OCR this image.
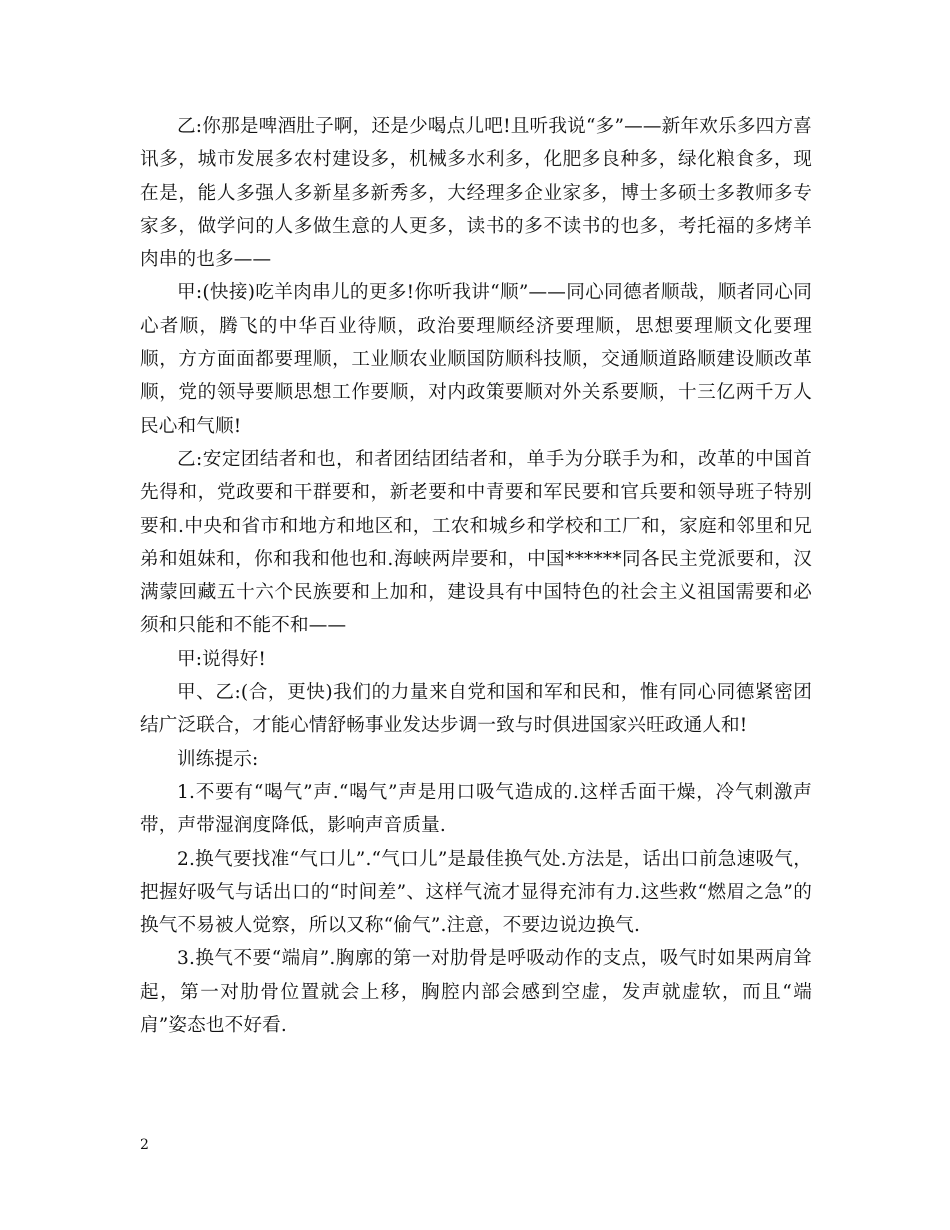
乙:你那是啤酒肚子啊，还是少喝点儿吧!且听我说“多”——新年欢乐多四方喜讯多，城市发展多农村建设多，机械多水利多，化肥多良种多，绿化粮食多，现在是，能人多强人多新星多新秀多，大经理多企业家多，博士多硕士多教师多专家多，做学问的人多做生意的人更多，读书的多不读书的也多，考托福的多烤羊肉串的也多——

甲:(快接)吃羊肉串儿的更多!你听我讲“顺”——同心同德者顺哉，顺者同心同心者顺，腾飞的中华百业待顺，政治要理顺经济要理顺，思想要理顺文化要理顺，方方面面都要理顺，工业顺农业顺国防顺科技顺，交通顺道路顺建设顺改革顺，党的领导要顺思想工作要顺，对内政策要顺对外关系要顺，十三亿两千万人民心和气顺!

乙:安定团结者和也，和者团结团结者和，单手为分联手为和，改革的中国首先得和，党政要和干群要和，新老要和中青要和军民要和官兵要和领导班子特别要和.中央和省市和地方和地区和，工农和城乡和学校和工厂和，家庭和邻里和兄弟和姐妹和，你和我和他也和.海峡两岸要和，中国******同各民主党派要和，汉满蒙回藏五十六个民族要和上加和，建设具有中国特色的社会主义祖国需要和必须和只能和不能不和——

甲:说得好!

甲、乙:(合，更快)我们的力量来自党和国和军和民和，惟有同心同德紧密团结广泛联合，才能心情舒畅事业发达步调一致与时俱进国家兴旺政通人和!

训练提示:

1.不要有“喝气”声.“喝气”声是用口吸气造成的.这样舌面干燥，冷气刺激声带，声带湿润度降低，影响声音质量.

2.换气要找准“气口儿”.“气口儿”是最佳换气处.方法是，话出口前急速吸气，把握好吸气与话出口的“时间差”、这样气流才显得充沛有力.这些救“燃眉之急”的换气不易被人觉察，所以又称“偷气”.注意，不要边说边换气.

3.换气不要“端肩”.胸廓的第一对肋骨是呼吸动作的支点，吸气时如果两肩耸起，第一对肋骨位置就会上移，胸腔内部会感到空虚，发声就虚软，而且“端肩”姿态也不好看.

2
